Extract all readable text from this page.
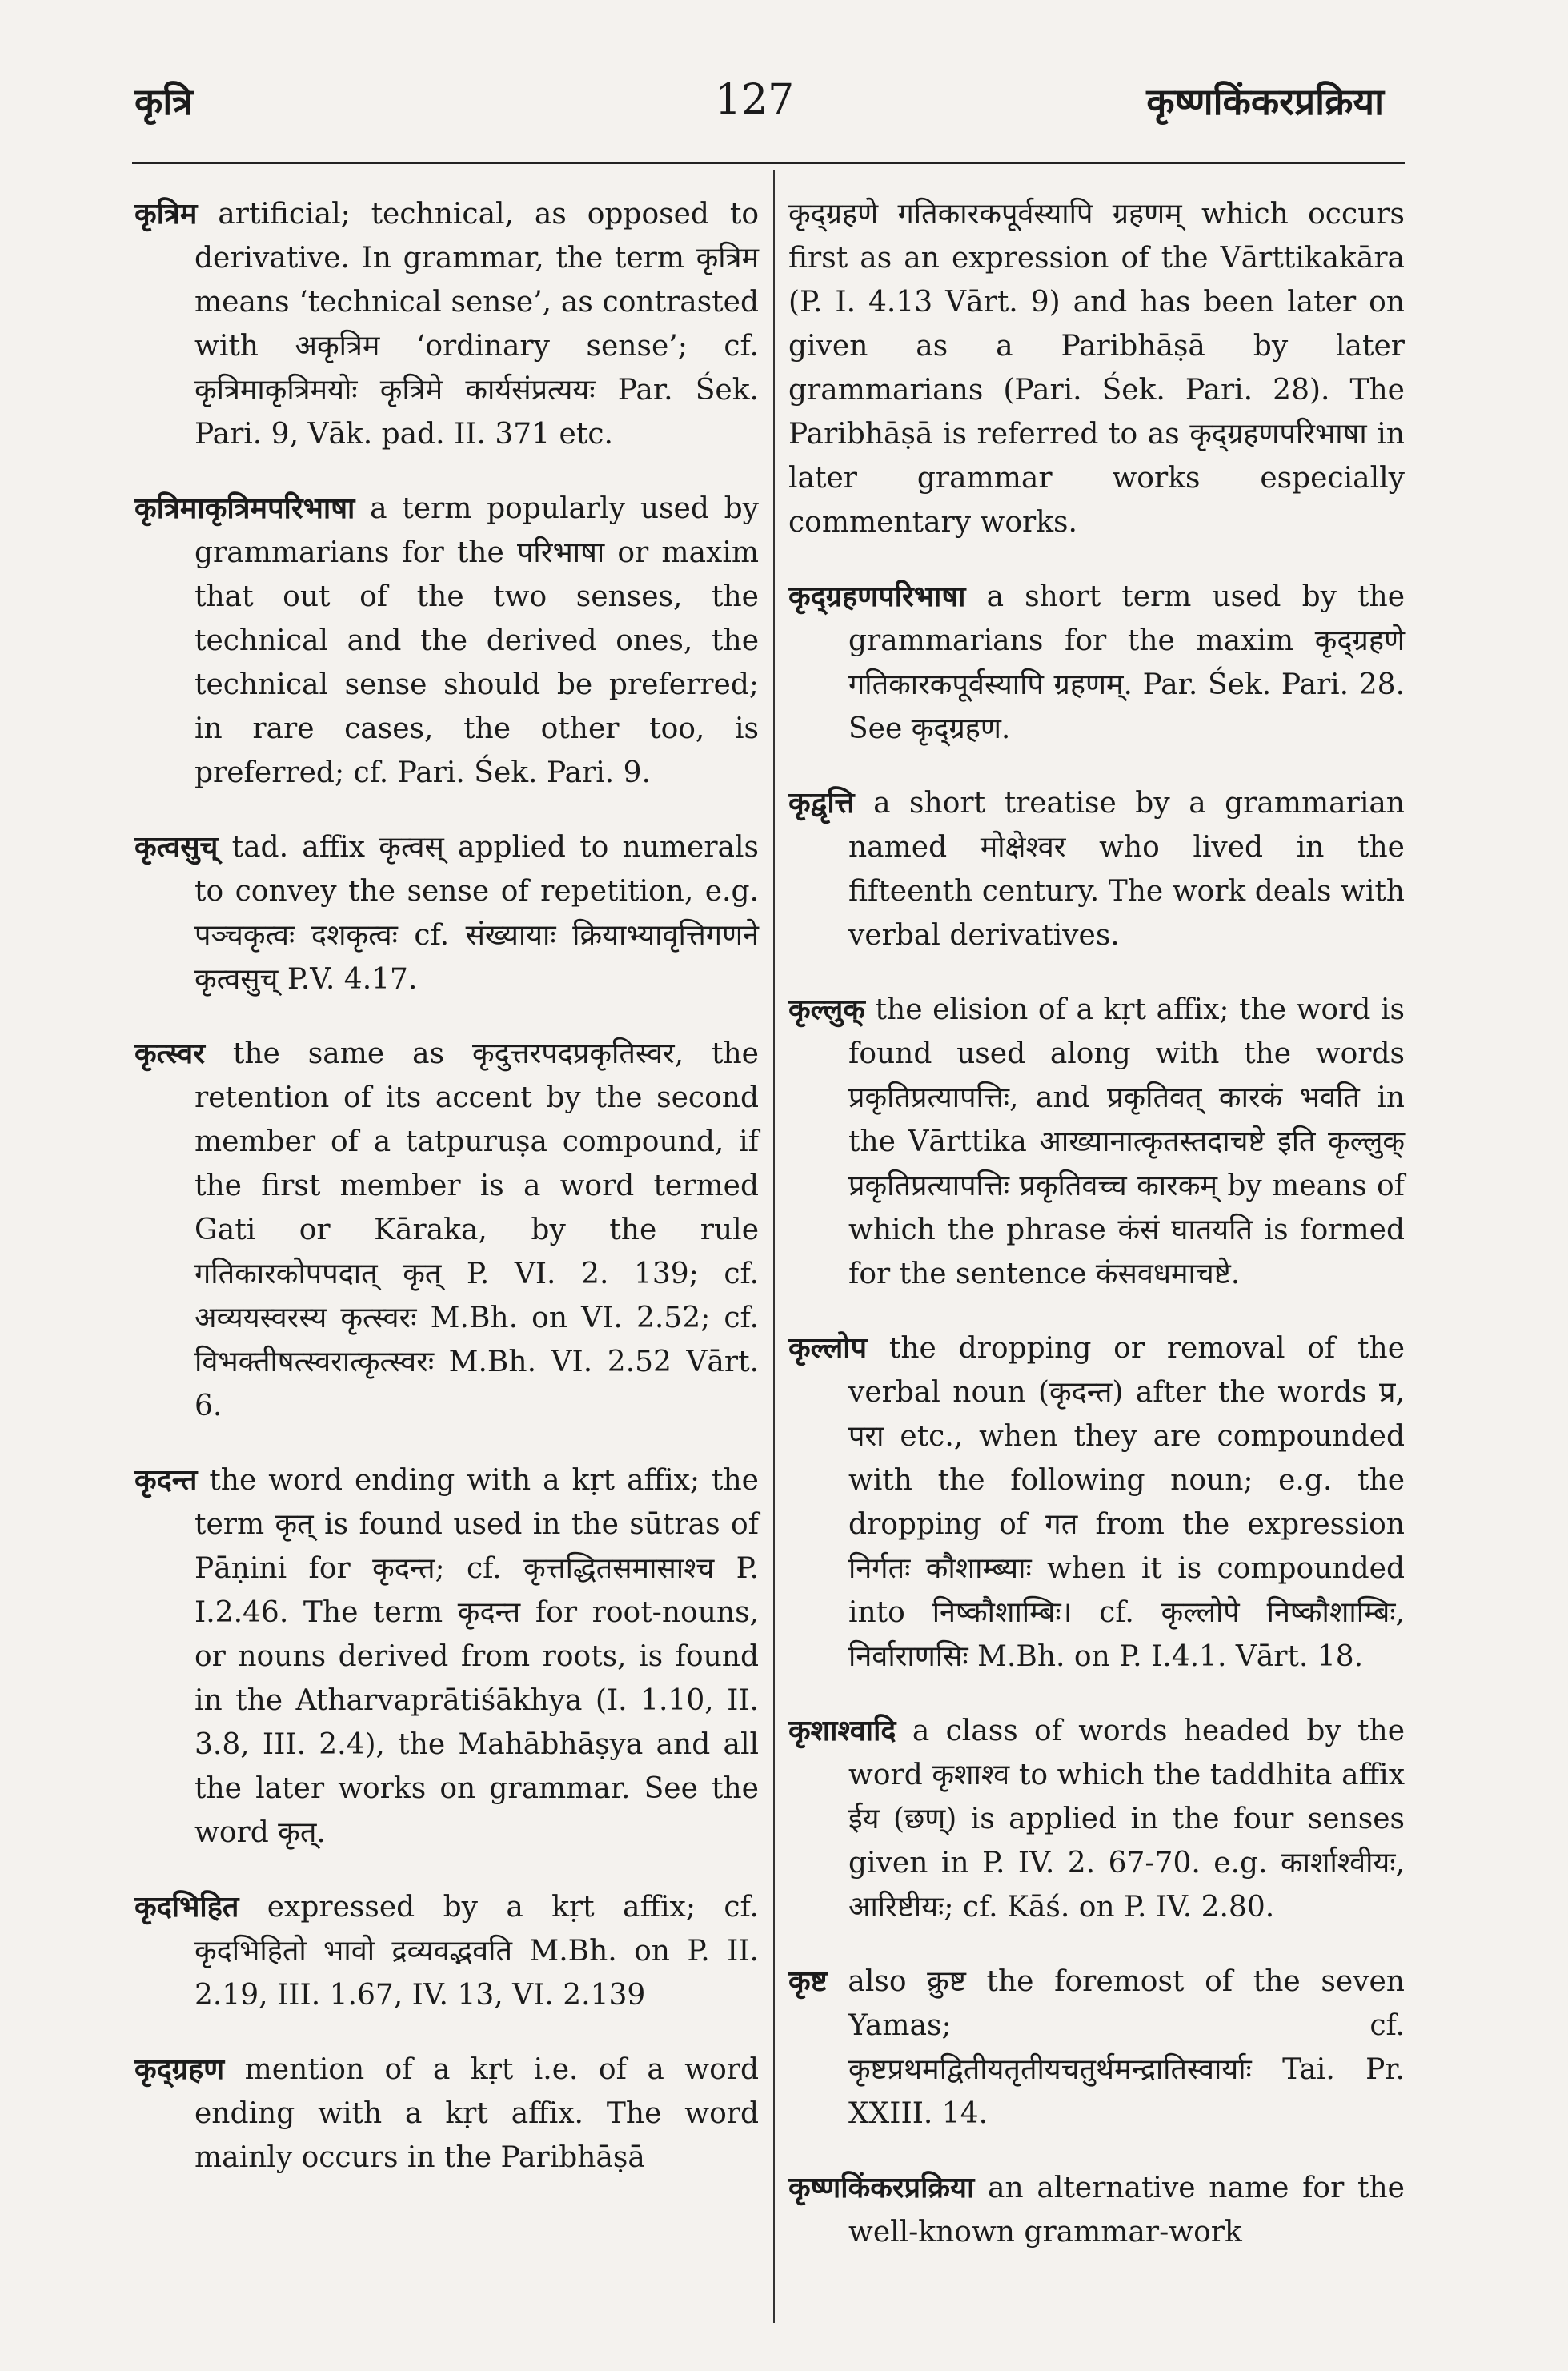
कृत्रि	127	कृष्णकिंकरप्रक्रिया

कृत्रिम artificial; technical, as opposed to derivative. In grammar, the term कृत्रिम means ‘technical sense’, as contrasted with अकृत्रिम ‘ordinary sense’; cf. कृत्रिमाकृत्रिमयोः कृत्रिमे कार्यसंप्रत्ययः Par. Śek. Pari. 9, Vāk. pad. II. 371 etc.

कृत्रिमाकृत्रिमपरिभाषा a term popularly used by grammarians for the परिभाषा or maxim that out of the two senses, the technical and the derived ones, the technical sense should be preferred; in rare cases, the other too, is preferred; cf. Pari. Śek. Pari. 9.

कृत्वसुच् tad. affix कृत्वस् applied to numerals to convey the sense of repetition, e.g. पञ्चकृत्वः दशकृत्वः cf. संख्यायाः क्रियाभ्यावृत्तिगणने कृत्वसुच् P.V. 4.17.

कृत्स्वर the same as कृदुत्तरपदप्रकृतिस्वर, the retention of its accent by the second member of a tatpuruṣa compound, if the first member is a word termed Gati or Kāraka, by the rule गतिकारकोपपदात् कृत् P. VI. 2. 139; cf. अव्ययस्वरस्य कृत्स्वरः M.Bh. on VI. 2.52; cf. विभक्तीषत्स्वरात्कृत्स्वरः M.Bh. VI. 2.52 Vārt. 6.

कृदन्त the word ending with a kṛt affix; the term कृत् is found used in the sūtras of Pāṇini for कृदन्त; cf. कृत्तद्धितसमासाश्च P. I.2.46. The term कृदन्त for root-nouns, or nouns derived from roots, is found in the Atharvaprātiśākhya (I. 1.10, II. 3.8, III. 2.4), the Mahābhāṣya and all the later works on grammar. See the word कृत्.

कृदभिहित expressed by a kṛt affix; cf. कृदभिहितो भावो द्रव्यवद्भवति M.Bh. on P. II. 2.19, III. 1.67, IV. 13, VI. 2.139

कृद्ग्रहण mention of a kṛt i.e. of a word ending with a kṛt affix. The word mainly occurs in the Paribhāṣā

कृद्ग्रहणे गतिकारकपूर्वस्यापि ग्रहणम् which occurs first as an expression of the Vārttikakāra (P. I. 4.13 Vārt. 9) and has been later on given as a Paribhāṣā by later grammarians (Pari. Śek. Pari. 28). The Paribhāṣā is referred to as कृद्ग्रहणपरिभाषा in later grammar works especially commentary works.

कृद्ग्रहणपरिभाषा a short term used by the grammarians for the maxim कृद्ग्रहणे गतिकारकपूर्वस्यापि ग्रहणम्. Par. Śek. Pari. 28. See कृद्ग्रहण.

कृद्वृत्ति a short treatise by a grammarian named मोक्षेश्वर who lived in the fifteenth century. The work deals with verbal derivatives.

कृल्लुक् the elision of a kṛt affix; the word is found used along with the words प्रकृतिप्रत्यापत्तिः, and प्रकृतिवत् कारकं भवति in the Vārttika आख्यानात्कृतस्तदाचष्टे इति कृल्लुक् प्रकृतिप्रत्यापत्तिः प्रकृतिवच्च कारकम् by means of which the phrase कंसं घातयति is formed for the sentence कंसवधमाचष्टे.

कृल्लोप the dropping or removal of the verbal noun (कृदन्त) after the words प्र, परा etc., when they are compounded with the following noun; e.g. the dropping of गत from the expression निर्गतः कौशाम्ब्याः when it is compounded into निष्कौशाम्बिः। cf. कृल्लोपे निष्कौशाम्बिः, निर्वाराणसिः M.Bh. on P. I.4.1. Vārt. 18.

कृशाश्वादि a class of words headed by the word कृशाश्व to which the taddhita affix ईय (छण्) is applied in the four senses given in P. IV. 2. 67-70. e.g. कार्शाश्वीयः, आरिष्टीयः; cf. Kāś. on P. IV. 2.80.

कृष्ट also क्रुष्ट the foremost of the seven Yamas; cf. कृष्टप्रथमद्वितीयतृतीयचतुर्थमन्द्रातिस्वार्याः Tai. Pr. XXIII. 14.

कृष्णकिंकरप्रक्रिया an alternative name for the well-known grammar-work
